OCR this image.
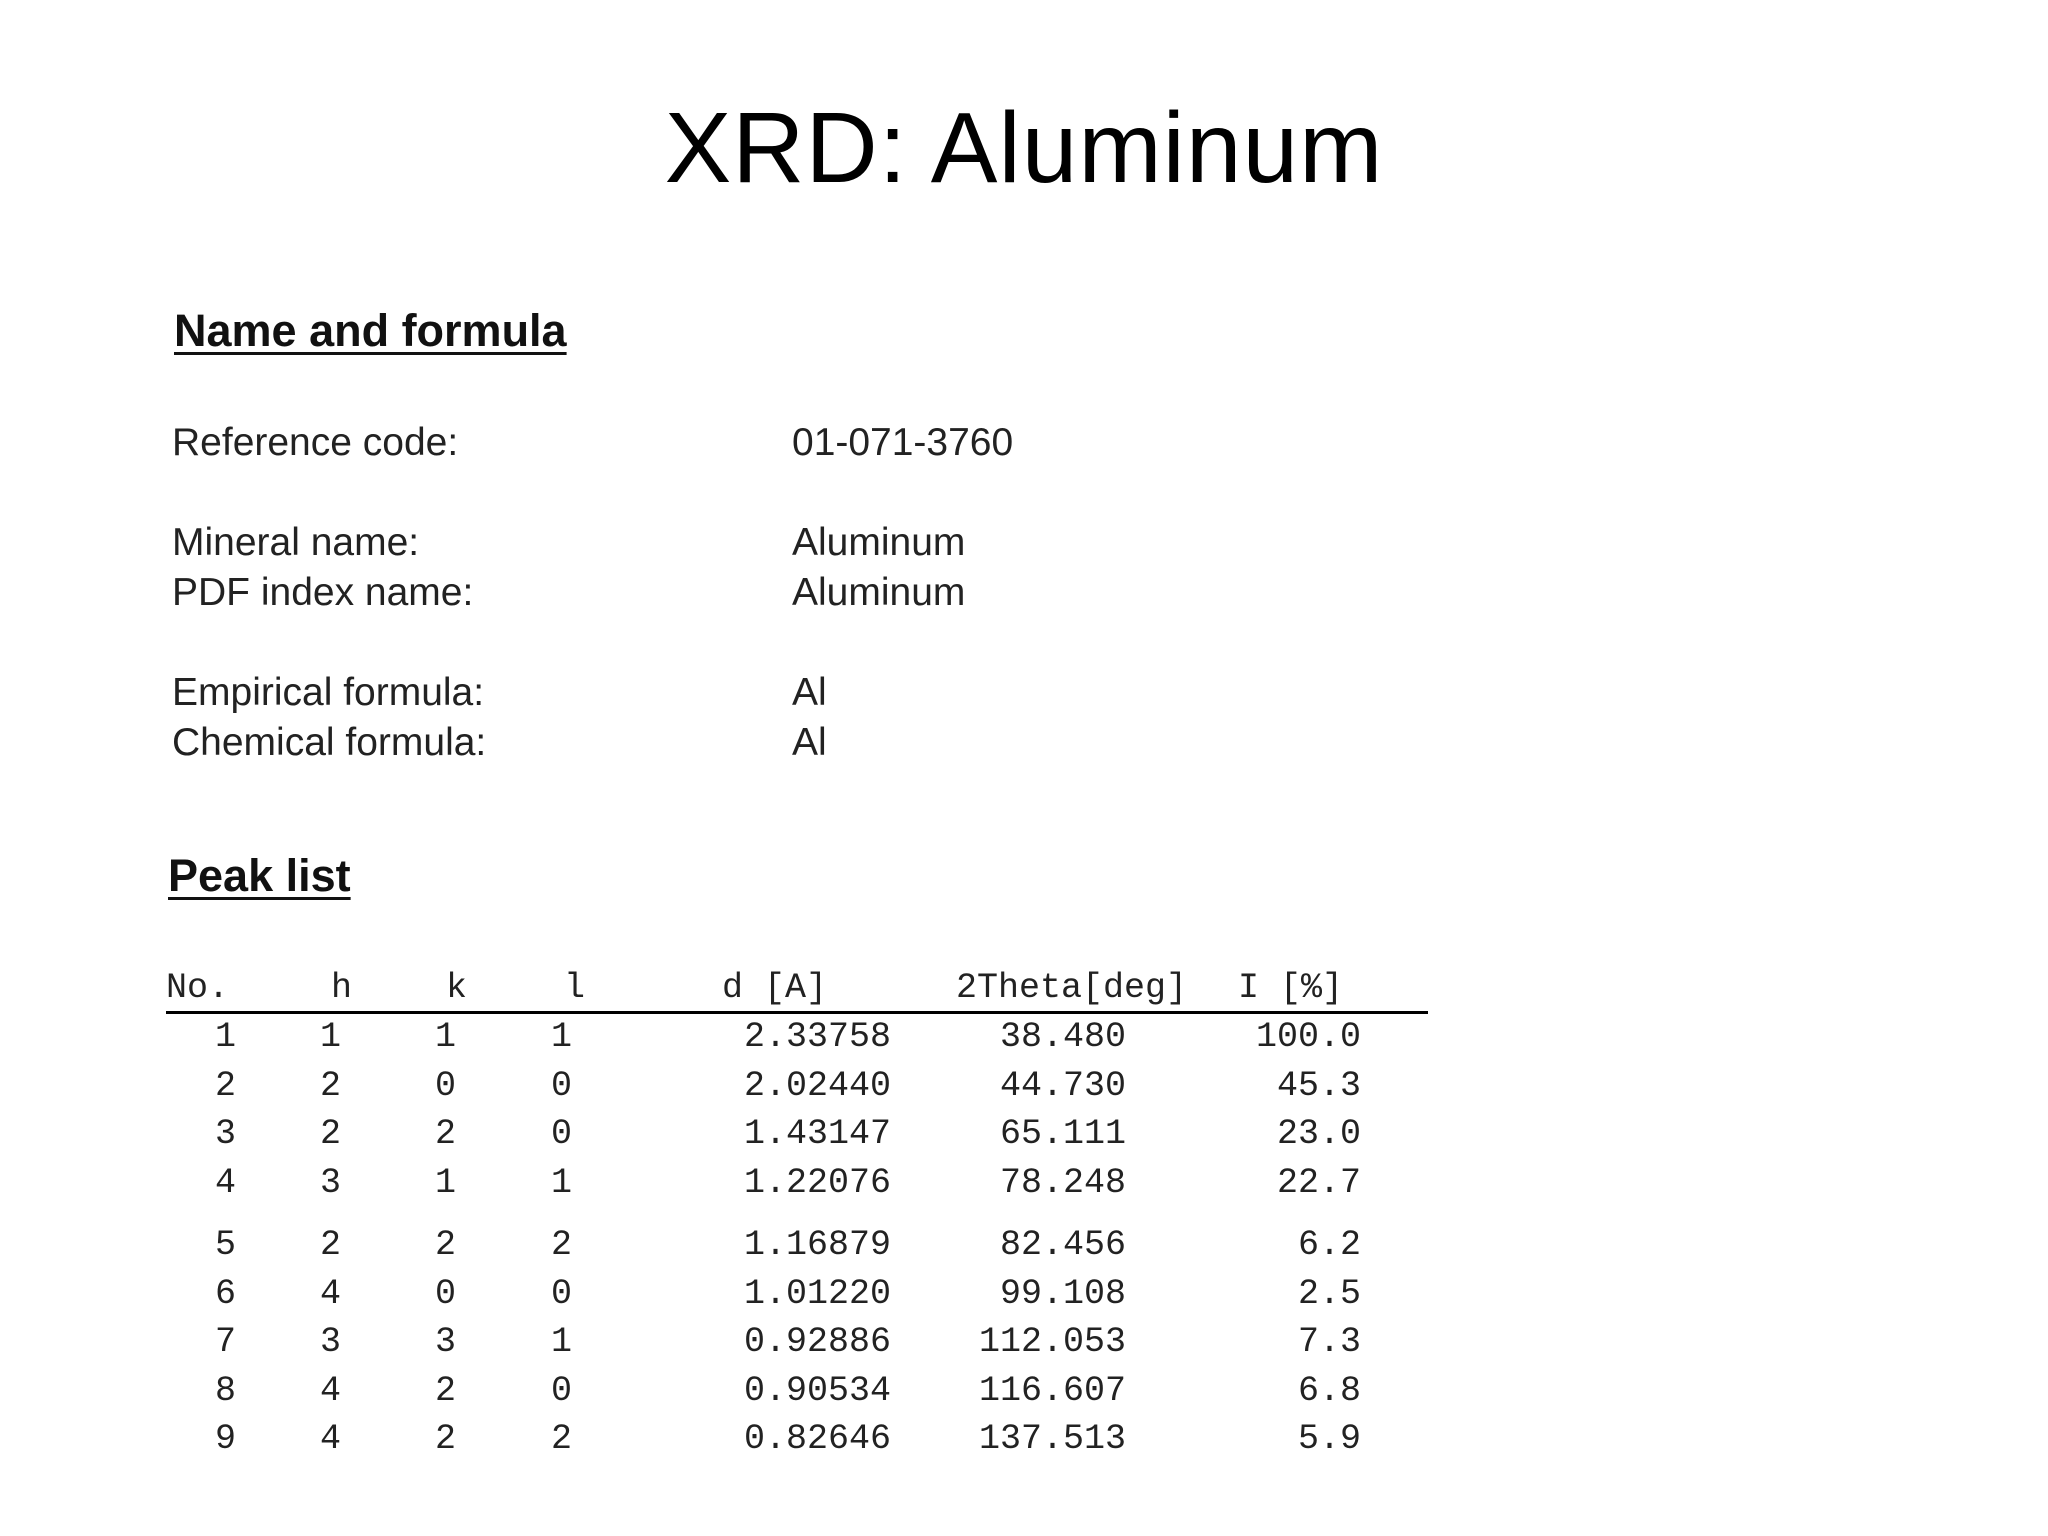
XRD: Aluminum
Name and formula
Reference code:	01-071-3760
Mineral name:	Aluminum
PDF index name:	Aluminum
Empirical formula:	Al
Chemical formula:	Al
Peak list
No.	h	k	l	d [A]	2Theta[deg]	I [%]
1	1	1	1	2.33758	38.480	100.0
2	2	0	0	2.02440	44.730	45.3
3	2	2	0	1.43147	65.111	23.0
4	3	1	1	1.22076	78.248	22.7
5	2	2	2	1.16879	82.456	6.2
6	4	0	0	1.01220	99.108	2.5
7	3	3	1	0.92886	112.053	7.3
8	4	2	0	0.90534	116.607	6.8
9	4	2	2	0.82646	137.513	5.9
